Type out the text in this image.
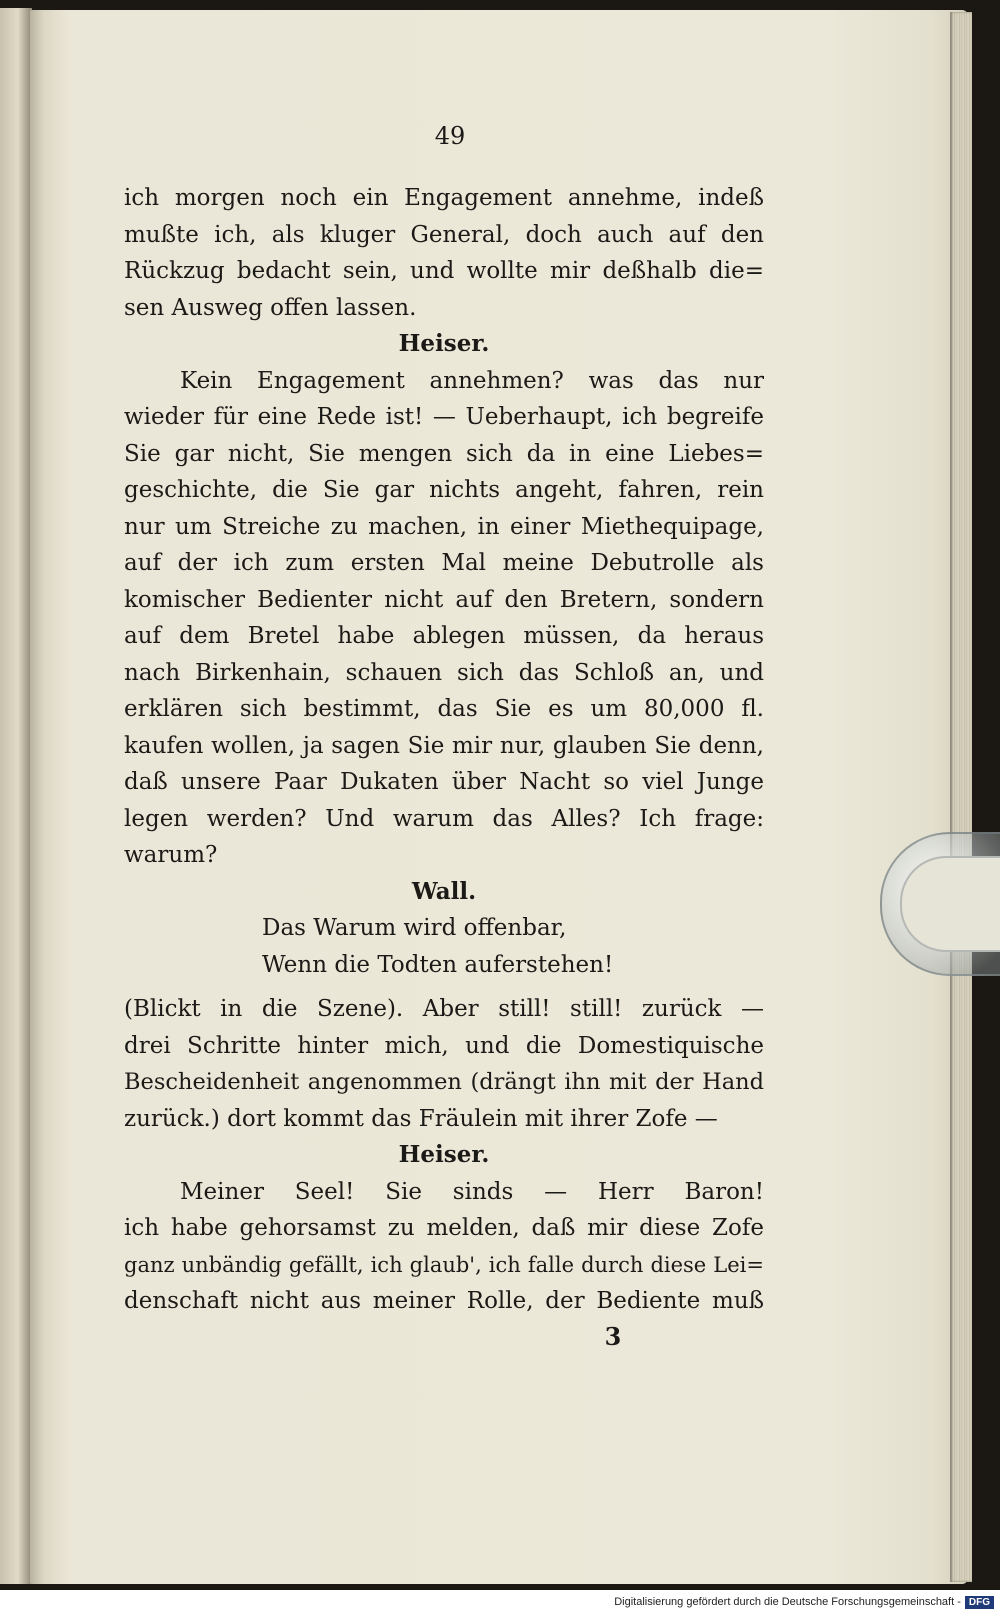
49
ich morgen noch ein Engagement annehme, indeß
mußte ich, als kluger General, doch auch auf den
Rückzug bedacht sein, und wollte mir deßhalb die=
sen Ausweg offen lassen.
Heiser.
Kein Engagement annehmen? was das nur
wieder für eine Rede ist! — Ueberhaupt, ich begreife
Sie gar nicht, Sie mengen sich da in eine Liebes=
geschichte, die Sie gar nichts angeht, fahren, rein
nur um Streiche zu machen, in einer Miethequipage,
auf der ich zum ersten Mal meine Debutrolle als
komischer Bedienter nicht auf den Bretern, sondern
auf dem Bretel habe ablegen müssen, da heraus
nach Birkenhain, schauen sich das Schloß an, und
erklären sich bestimmt, das Sie es um 80,000 fl.
kaufen wollen, ja sagen Sie mir nur, glauben Sie denn,
daß unsere Paar Dukaten über Nacht so viel Junge
legen werden? Und warum das Alles? Ich frage:
warum?
Wall.
Das Warum wird offenbar,
Wenn die Todten auferstehen!
(Blickt in die Szene). Aber still! still! zurück —
drei Schritte hinter mich, und die Domestiquische
Bescheidenheit angenommen (drängt ihn mit der Hand
zurück.) dort kommt das Fräulein mit ihrer Zofe —
Heiser.
Meiner Seel! Sie sinds — Herr Baron!
ich habe gehorsamst zu melden, daß mir diese Zofe
ganz unbändig gefällt, ich glaub', ich falle durch diese Lei=
denschaft nicht aus meiner Rolle, der Bediente muß
3
Digitalisierung gefördert durch die Deutsche Forschungsgemeinschaft - DFG
